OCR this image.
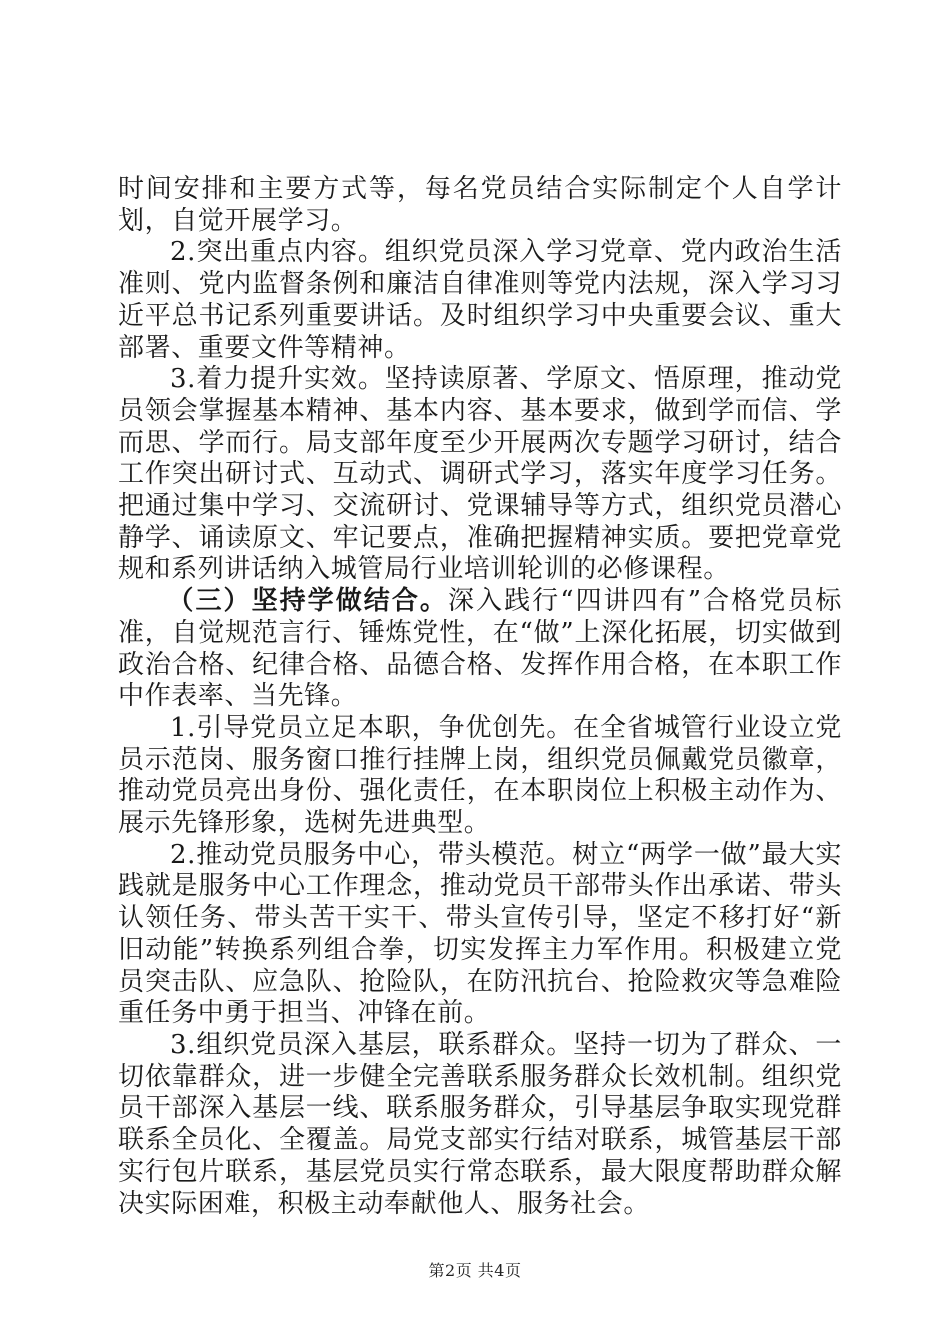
时间安排和主要方式等，每名党员结合实际制定个人自学计划，自觉开展学习。

2.突出重点内容。组织党员深入学习党章、党内政治生活准则、党内监督条例和廉洁自律准则等党内法规，深入学习习近平总书记系列重要讲话。及时组织学习中央重要会议、重大部署、重要文件等精神。

3.着力提升实效。坚持读原著、学原文、悟原理，推动党员领会掌握基本精神、基本内容、基本要求，做到学而信、学而思、学而行。局支部年度至少开展两次专题学习研讨，结合工作突出研讨式、互动式、调研式学习，落实年度学习任务。把通过集中学习、交流研讨、党课辅导等方式，组织党员潜心静学、诵读原文、牢记要点，准确把握精神实质。要把党章党规和系列讲话纳入城管局行业培训轮训的必修课程。

（三）坚持学做结合。深入践行“四讲四有”合格党员标准，自觉规范言行、锤炼党性，在“做”上深化拓展，切实做到政治合格、纪律合格、品德合格、发挥作用合格，在本职工作中作表率、当先锋。

1.引导党员立足本职，争优创先。在全省城管行业设立党员示范岗、服务窗口推行挂牌上岗，组织党员佩戴党员徽章，推动党员亮出身份、强化责任，在本职岗位上积极主动作为、展示先锋形象，选树先进典型。

2.推动党员服务中心，带头模范。树立“两学一做”最大实践就是服务中心工作理念，推动党员干部带头作出承诺、带头认领任务、带头苦干实干、带头宣传引导，坚定不移打好“新旧动能”转换系列组合拳，切实发挥主力军作用。积极建立党员突击队、应急队、抢险队，在防汛抗台、抢险救灾等急难险重任务中勇于担当、冲锋在前。

3.组织党员深入基层，联系群众。坚持一切为了群众、一切依靠群众，进一步健全完善联系服务群众长效机制。组织党员干部深入基层一线、联系服务群众，引导基层争取实现党群联系全员化、全覆盖。局党支部实行结对联系，城管基层干部实行包片联系，基层党员实行常态联系，最大限度帮助群众解决实际困难，积极主动奉献他人、服务社会。

第2页 共4页
